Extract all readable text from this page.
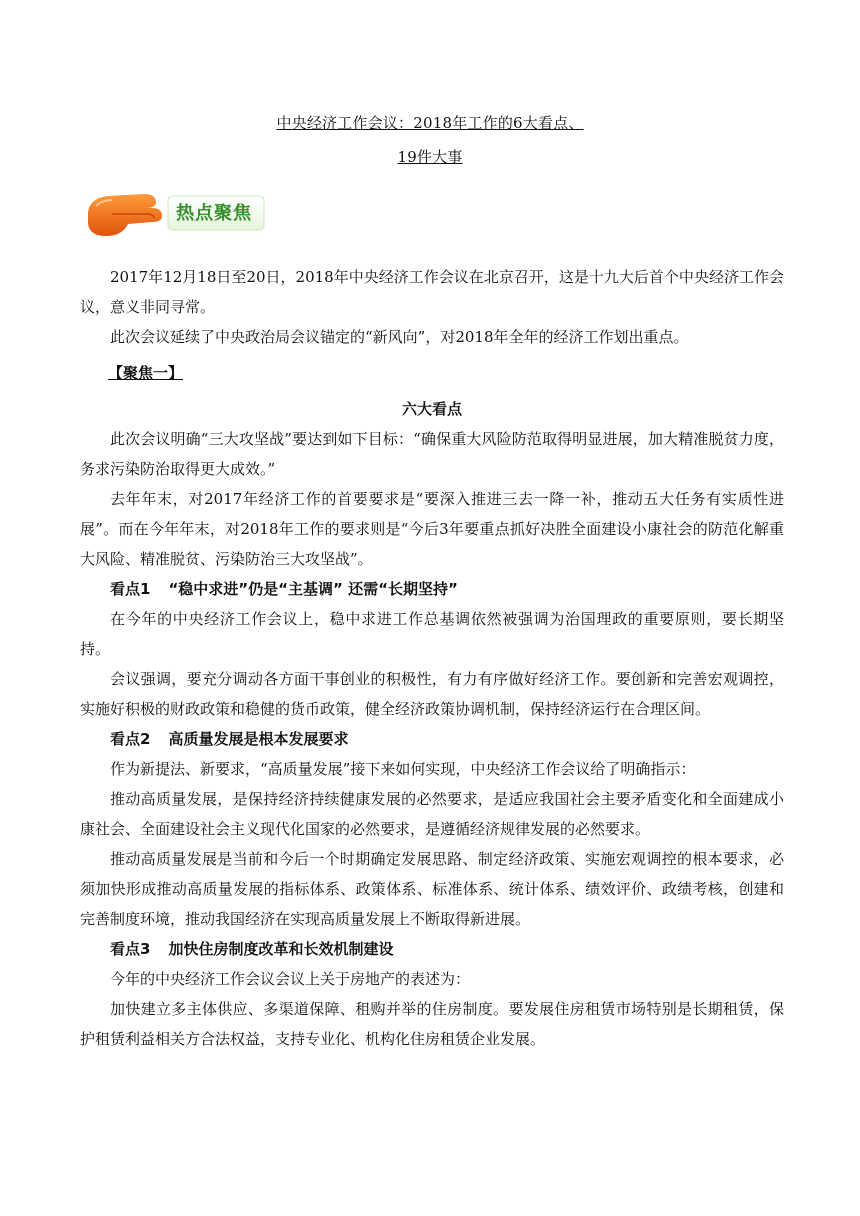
中央经济工作会议：2018年工作的6大看点、
19件大事
热点聚焦

2017年12月18日至20日，2018年中央经济工作会议在北京召开，这是十九大后首个中央经济工作会议，意义非同寻常。

此次会议延续了中央政治局会议锚定的“新风向”，对2018年全年的经济工作划出重点。

【聚焦一】

六大看点

此次会议明确“三大攻坚战”要达到如下目标：“确保重大风险防范取得明显进展，加大精准脱贫力度，务求污染防治取得更大成效。”

去年年末，对2017年经济工作的首要要求是“要深入推进三去一降一补，推动五大任务有实质性进展”。而在今年年末，对2018年工作的要求则是“今后3年要重点抓好决胜全面建设小康社会的防范化解重大风险、精准脱贫、污染防治三大攻坚战”。

看点1 “稳中求进”仍是“主基调” 还需“长期坚持”

在今年的中央经济工作会议上，稳中求进工作总基调依然被强调为治国理政的重要原则，要长期坚持。

会议强调，要充分调动各方面干事创业的积极性，有力有序做好经济工作。要创新和完善宏观调控，实施好积极的财政政策和稳健的货币政策，健全经济政策协调机制，保持经济运行在合理区间。

看点2 高质量发展是根本发展要求

作为新提法、新要求，“高质量发展”接下来如何实现，中央经济工作会议给了明确指示：

推动高质量发展，是保持经济持续健康发展的必然要求，是适应我国社会主要矛盾变化和全面建成小康社会、全面建设社会主义现代化国家的必然要求，是遵循经济规律发展的必然要求。

推动高质量发展是当前和今后一个时期确定发展思路、制定经济政策、实施宏观调控的根本要求，必须加快形成推动高质量发展的指标体系、政策体系、标准体系、统计体系、绩效评价、政绩考核，创建和完善制度环境，推动我国经济在实现高质量发展上不断取得新进展。

看点3 加快住房制度改革和长效机制建设

今年的中央经济工作会议会议上关于房地产的表述为：

加快建立多主体供应、多渠道保障、租购并举的住房制度。要发展住房租赁市场特别是长期租赁，保护租赁利益相关方合法权益，支持专业化、机构化住房租赁企业发展。
